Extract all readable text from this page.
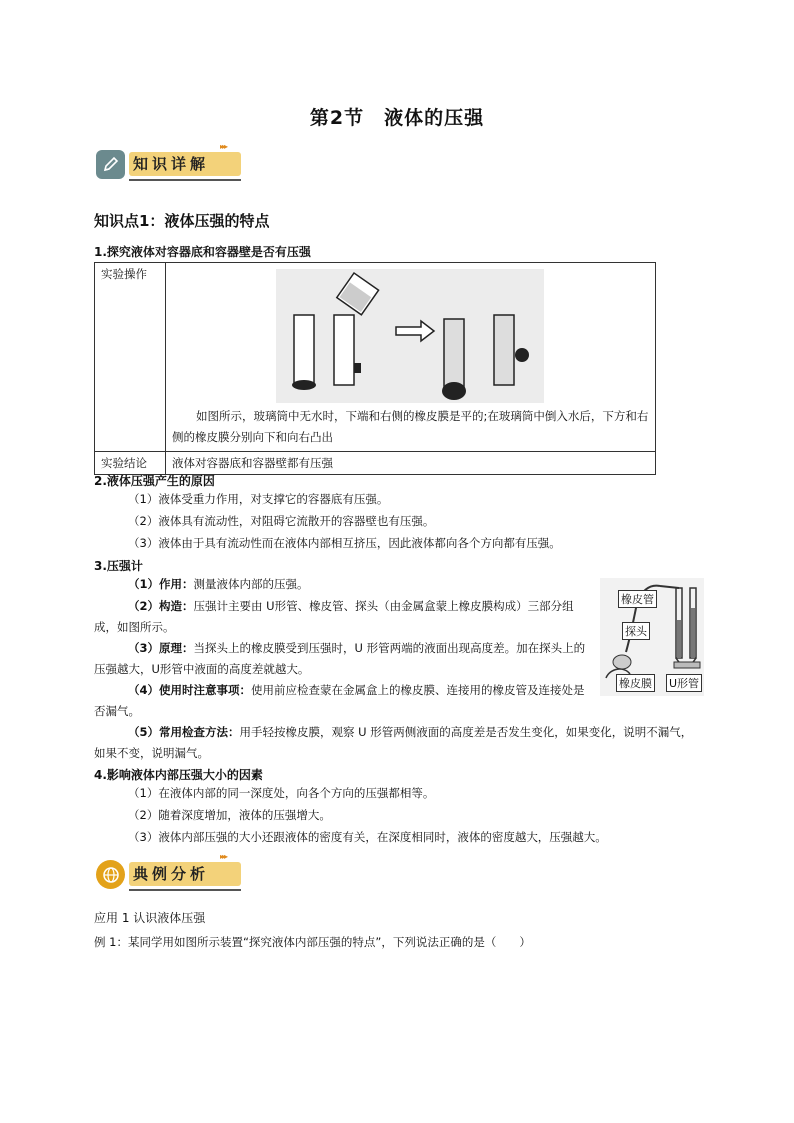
第2节　液体的压强
知识详解
▸▸▸
知识点1：液体压强的特点
1.探究液体对容器底和容器壁是否有压强
实验操作	如图所示，玻璃筒中无水时，下端和右侧的橡皮膜是平的;在玻璃筒中倒入水后，下方和右侧的橡皮膜分别向下和向右凸出

实验结论	液体对容器底和容器壁都有压强
2.液体压强产生的原因
（1）液体受重力作用，对支撑它的容器底有压强。
（2）液体具有流动性，对阻碍它流散开的容器壁也有压强。
（3）液体由于具有流动性而在液体内部相互挤压，因此液体都向各个方向都有压强。
3.压强计
（1）作用：测量液体内部的压强。
（2）构造：压强计主要由 U形管、橡皮管、探头（由金属盒蒙上橡皮膜构成）三部分组成，如图所示。
（3）原理：当探头上的橡皮膜受到压强时，U 形管两端的液面出现高度差。加在探头上的压强越大，U形管中液面的高度差就越大。
（4）使用时注意事项：使用前应检查蒙在金属盒上的橡皮膜、连接用的橡皮管及连接处是否漏气。
（5）常用检查方法：用手轻按橡皮膜，观察 U 形管两侧液面的高度差是否发生变化，如果变化，说明不漏气，如果不变，说明漏气。
橡皮管
探头
橡皮膜 U形管
4.影响液体内部压强大小的因素
（1）在液体内部的同一深度处，向各个方向的压强都相等。
（2）随着深度增加，液体的压强增大。
（3）液体内部压强的大小还跟液体的密度有关，在深度相同时，液体的密度越大，压强越大。
典例分析
▸▸▸
应用 1 认识液体压强
例 1：某同学用如图所示装置“探究液体内部压强的特点”，下列说法正确的是（　　）
